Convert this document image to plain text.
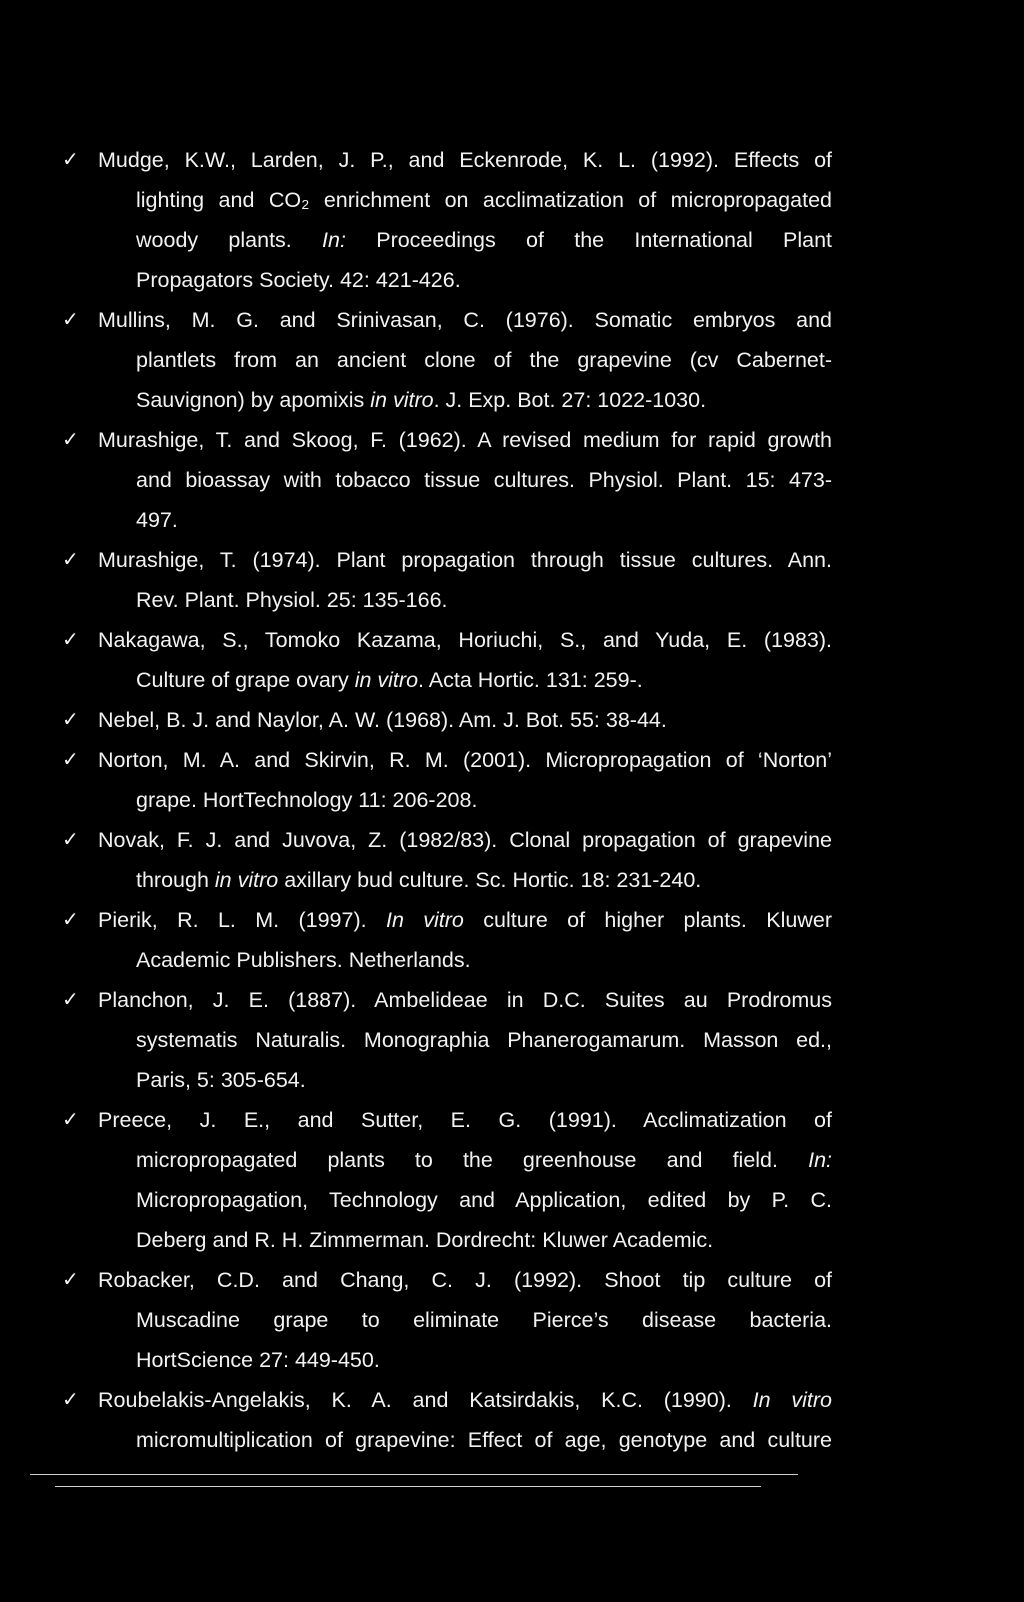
✓ Mudge, K.W., Larden, J. P., and Eckenrode, K. L. (1992). Effects of
lighting and CO₂ enrichment on acclimatization of micropropagated
woody plants. In: Proceedings of the International Plant
Propagators Society. 42: 421-426.
✓ Mullins, M. G. and Srinivasan, C. (1976). Somatic embryos and
plantlets from an ancient clone of the grapevine (cv Cabernet-
Sauvignon) by apomixis in vitro. J. Exp. Bot. 27: 1022-1030.
✓ Murashige, T. and Skoog, F. (1962). A revised medium for rapid growth
and bioassay with tobacco tissue cultures. Physiol. Plant. 15: 473-
497.
✓ Murashige, T. (1974). Plant propagation through tissue cultures. Ann.
Rev. Plant. Physiol. 25: 135-166.
✓ Nakagawa, S., Tomoko Kazama, Horiuchi, S., and Yuda, E. (1983).
Culture of grape ovary in vitro. Acta Hortic. 131: 259-.
✓ Nebel, B. J. and Naylor, A. W. (1968). Am. J. Bot. 55: 38-44.
✓ Norton, M. A. and Skirvin, R. M. (2001). Micropropagation of ‘Norton’
grape. HortTechnology 11: 206-208.
✓ Novak, F. J. and Juvova, Z. (1982/83). Clonal propagation of grapevine
through in vitro axillary bud culture. Sc. Hortic. 18: 231-240.
✓ Pierik, R. L. M. (1997). In vitro culture of higher plants. Kluwer
Academic Publishers. Netherlands.
✓ Planchon, J. E. (1887). Ambelideae in D.C. Suites au Prodromus
systematis Naturalis. Monographia Phanerogamarum. Masson ed.,
Paris, 5: 305-654.
✓ Preece, J. E., and Sutter, E. G. (1991). Acclimatization of
micropropagated plants to the greenhouse and field. In:
Micropropagation, Technology and Application, edited by P. C.
Deberg and R. H. Zimmerman. Dordrecht: Kluwer Academic.
✓ Robacker, C.D. and Chang, C. J. (1992). Shoot tip culture of
Muscadine grape to eliminate Pierce’s disease bacteria.
HortScience 27: 449-450.
✓ Roubelakis-Angelakis, K. A. and Katsirdakis, K.C. (1990). In vitro
micromultiplication of grapevine: Effect of age, genotype and culture
